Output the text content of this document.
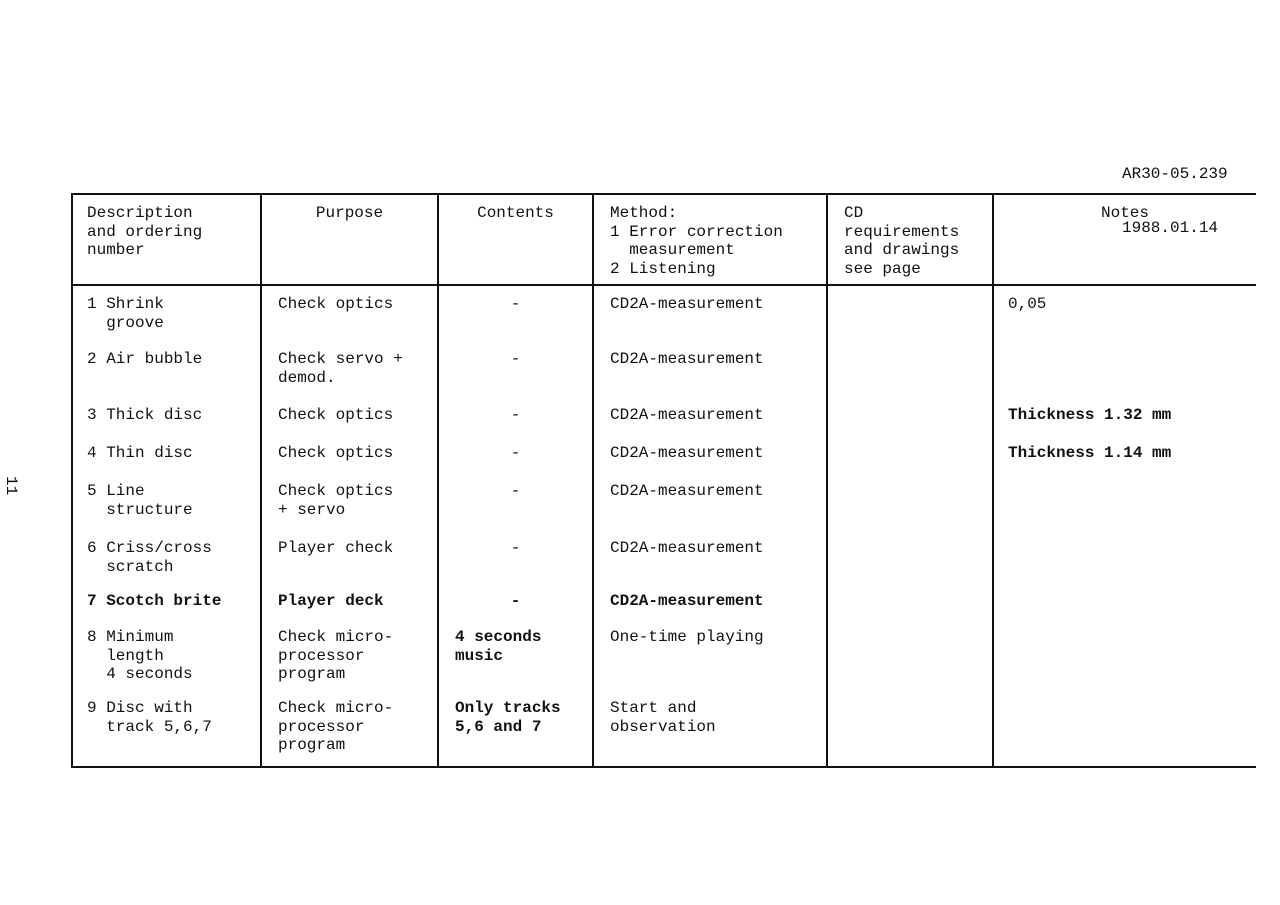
AR30-05.239

1988.01.14

11
Description
and ordering
number	Purpose	Contents	Method:
1 Error correction
measurement
2 Listening	CD
requirements
and drawings
see page	Notes
1 Shrink
groove	Check optics	-	CD2A-measurement		0,05
2 Air bubble	Check servo +
demod.	-	CD2A-measurement		
3 Thick disc	Check optics	-	CD2A-measurement		Thickness 1.32 mm
4 Thin disc	Check optics	-	CD2A-measurement		Thickness 1.14 mm
5 Line
structure	Check optics
+ servo	-	CD2A-measurement		
6 Criss/cross
scratch	Player check	-	CD2A-measurement		
7 Scotch brite	Player deck	-	CD2A-measurement		
8 Minimum
length
4 seconds	Check micro-
processor
program	4 seconds
music	One-time playing		
9 Disc with
track 5,6,7	Check micro-
processor
program	Only tracks
5,6 and 7	Start and
observation		
